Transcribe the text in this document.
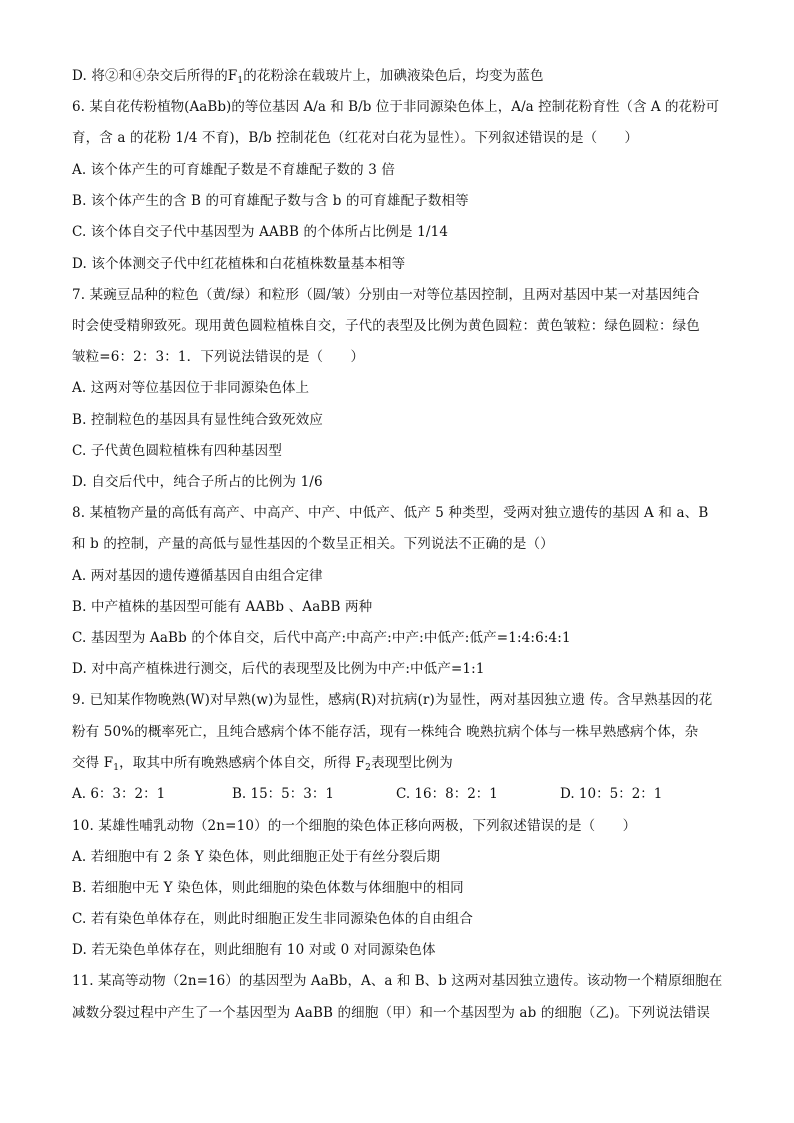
D. 将②和④杂交后所得的$F_1$的花粉涂在载玻片上，加碘液染色后，均变为蓝色
6. 某自花传粉植物(AaBb)的等位基因 A/a 和 B/b 位于非同源染色体上，A/a 控制花粉育性（含 A 的花粉可
育，含 a 的花粉 1/4 不育)，B/b 控制花色（红花对白花为显性）。下列叙述错误的是（　　）
A. 该个体产生的可育雄配子数是不育雄配子数的 3 倍
B. 该个体产生的含 B 的可育雄配子数与含 b 的可育雄配子数相等
C. 该个体自交子代中基因型为 AABB 的个体所占比例是 1/14
D. 该个体测交子代中红花植株和白花植株数量基本相等
7. 某豌豆品种的粒色（黄/绿）和粒形（圆/皱）分别由一对等位基因控制，且两对基因中某一对基因纯合
时会使受精卵致死。现用黄色圆粒植株自交，子代的表型及比例为黄色圆粒：黄色皱粒：绿色圆粒：绿色
皱粒=6：2：3：1．下列说法错误的是（　　）
A. 这两对等位基因位于非同源染色体上
B. 控制粒色的基因具有显性纯合致死效应
C. 子代黄色圆粒植株有四种基因型
D. 自交后代中，纯合子所占的比例为 1/6
8. 某植物产量的高低有高产、中高产、中产、中低产、低产 5 种类型，受两对独立遗传的基因 A 和 a、B
和 b 的控制，产量的高低与显性基因的个数呈正相关。下列说法不正确的是（）
A. 两对基因的遗传遵循基因自由组合定律
B. 中产植株的基因型可能有 AABb 、AaBB 两种
C. 基因型为 AaBb 的个体自交，后代中高产:中高产:中产:中低产:低产=1:4:6:4:1
D. 对中高产植株进行测交，后代的表现型及比例为中产:中低产=1:1
9. 已知某作物晚熟(W)对早熟(w)为显性，感病(R)对抗病(r)为显性，两对基因独立遗 传。含早熟基因的花
粉有 50%的概率死亡，且纯合感病个体不能存活，现有一株纯合 晚熟抗病个体与一株早熟感病个体，杂
交得 $F_1$，取其中所有晚熟感病个体自交，所得 $F_2$表现型比例为
A. 6：3：2：1	B. 15：5：3：1	C. 16：8：2：1	D. 10：5：2：1
10. 某雄性哺乳动物（2n=10）的一个细胞的染色体正移向两极，下列叙述错误的是（　　）
A. 若细胞中有 2 条 Y 染色体，则此细胞正处于有丝分裂后期
B. 若细胞中无 Y 染色体，则此细胞的染色体数与体细胞中的相同
C. 若有染色单体存在，则此时细胞正发生非同源染色体的自由组合
D. 若无染色单体存在，则此细胞有 10 对或 0 对同源染色体
11. 某高等动物（2n=16）的基因型为 AaBb，A、a 和 B、b 这两对基因独立遗传。该动物一个精原细胞在
减数分裂过程中产生了一个基因型为 AaBB 的细胞（甲）和一个基因型为 ab 的细胞（乙)。下列说法错误
